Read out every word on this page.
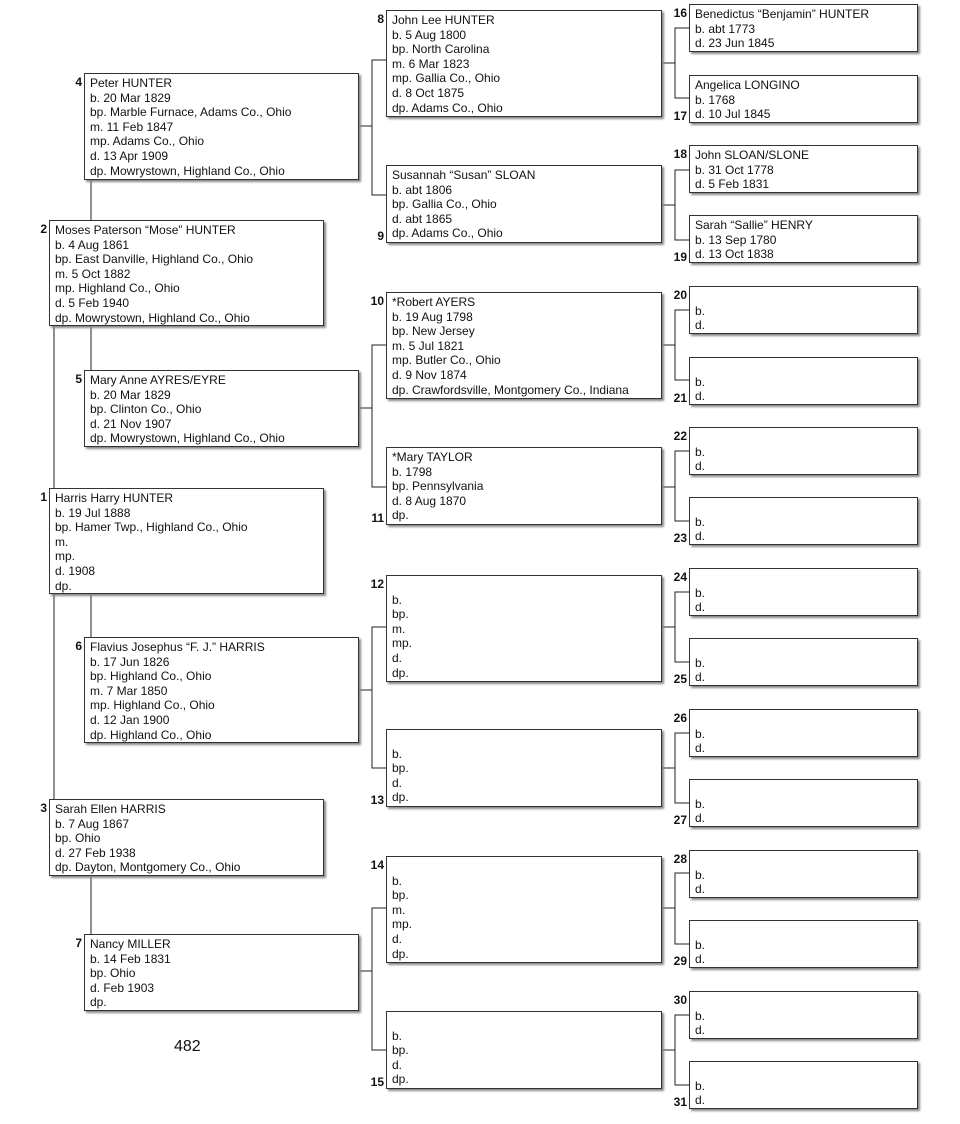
1 Harris Harry HUNTER
b. 19 Jul 1888
bp. Hamer Twp., Highland Co., Ohio
m.
mp.
d. 1908
dp.
2 Moses Paterson “Mose” HUNTER
b. 4 Aug 1861
bp. East Danville, Highland Co., Ohio
m. 5 Oct 1882
mp. Highland Co., Ohio
d. 5 Feb 1940
dp. Mowrystown, Highland Co., Ohio
3 Sarah Ellen HARRIS
b. 7 Aug 1867
bp. Ohio
d. 27 Feb 1938
dp. Dayton, Montgomery Co., Ohio
4 Peter HUNTER
b. 20 Mar 1829
bp. Marble Furnace, Adams Co., Ohio
m. 11 Feb 1847
mp. Adams Co., Ohio
d. 13 Apr 1909
dp. Mowrystown, Highland Co., Ohio
5 Mary Anne AYRES/EYRE
b. 20 Mar 1829
bp. Clinton Co., Ohio
d. 21 Nov 1907
dp. Mowrystown, Highland Co., Ohio
6 Flavius Josephus “F. J.” HARRIS
b. 17 Jun 1826
bp. Highland Co., Ohio
m. 7 Mar 1850
mp. Highland Co., Ohio
d. 12 Jan 1900
dp. Highland Co., Ohio
7 Nancy MILLER
b. 14 Feb 1831
bp. Ohio
d. Feb 1903
dp.
8 John Lee HUNTER
b. 5 Aug 1800
bp. North Carolina
m. 6 Mar 1823
mp. Gallia Co., Ohio
d. 8 Oct 1875
dp. Adams Co., Ohio
9
Susannah “Susan” SLOAN
b. abt 1806
bp. Gallia Co., Ohio
d. abt 1865
dp. Adams Co., Ohio
10 *Robert AYERS
b. 19 Aug 1798
bp. New Jersey
m. 5 Jul 1821
mp. Butler Co., Ohio
d. 9 Nov 1874
dp. Crawfordsville, Montgomery Co., Indiana
11
*Mary TAYLOR
b. 1798
bp. Pennsylvania
d. 8 Aug 1870
dp.
12

b.
bp.
m.
mp.
d.
dp.
13

b.
bp.
d.
dp.
14

b.
bp.
m.
mp.
d.
dp.
15

b.
bp.
d.
dp.
16 Benedictus “Benjamin” HUNTER
b. abt 1773
d. 23 Jun 1845
17
Angelica LONGINO
b. 1768
d. 10 Jul 1845
18 John SLOAN/SLONE
b. 31 Oct 1778
d. 5 Feb 1831
19
Sarah “Sallie” HENRY
b. 13 Sep 1780
d. 13 Oct 1838
20

b.
d.
21

b.
d.
22

b.
d.
23

b.
d.
24

b.
d.
25

b.
d.
26

b.
d.
27

b.
d.
28

b.
d.
29

b.
d.
30

b.
d.
31

b.
d.
482
